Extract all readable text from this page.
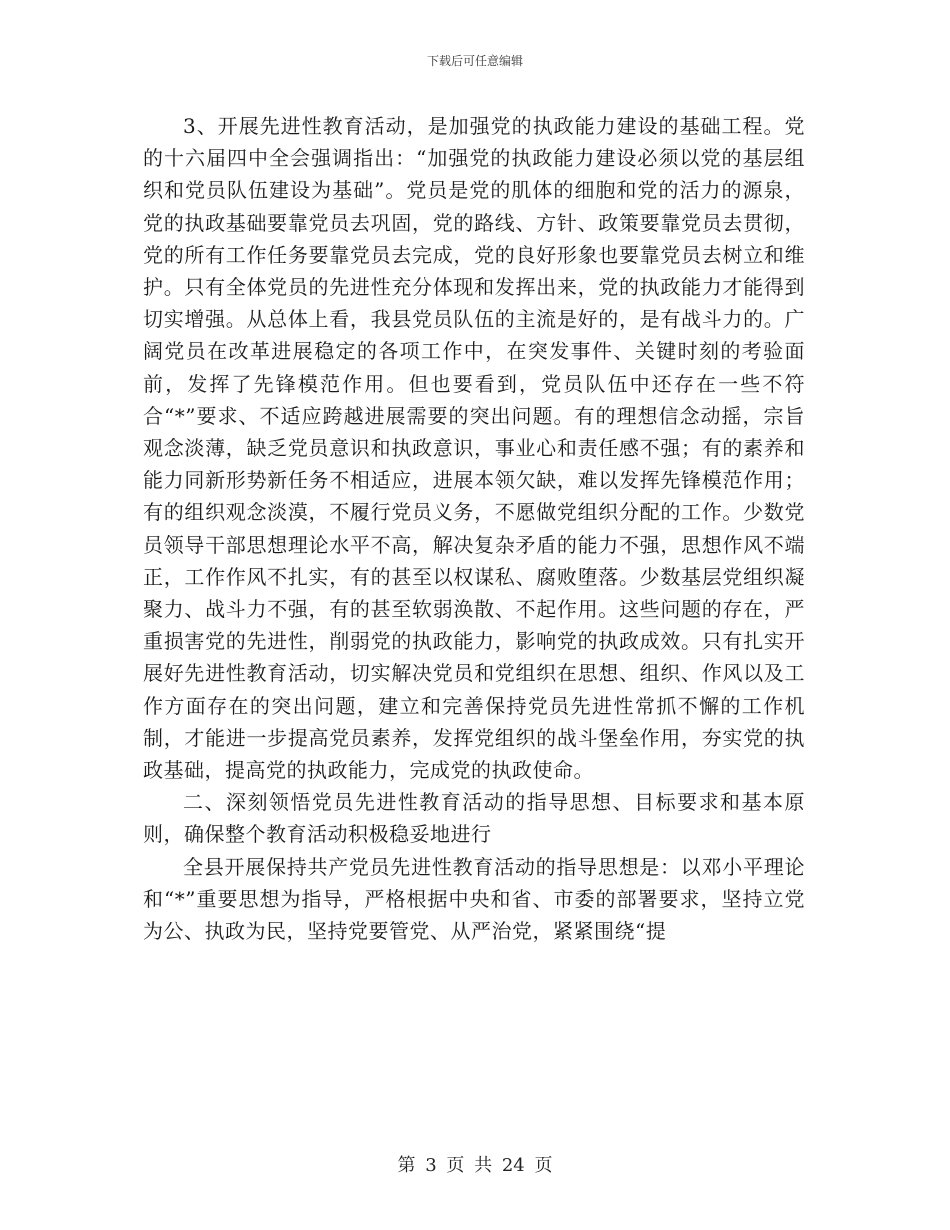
下载后可任意编辑

3、开展先进性教育活动，是加强党的执政能力建设的基础工程。党的十六届四中全会强调指出：“加强党的执政能力建设必须以党的基层组织和党员队伍建设为基础”。党员是党的肌体的细胞和党的活力的源泉，党的执政基础要靠党员去巩固，党的路线、方针、政策要靠党员去贯彻，党的所有工作任务要靠党员去完成，党的良好形象也要靠党员去树立和维护。只有全体党员的先进性充分体现和发挥出来，党的执政能力才能得到切实增强。从总体上看，我县党员队伍的主流是好的，是有战斗力的。广阔党员在改革进展稳定的各项工作中，在突发事件、关键时刻的考验面前，发挥了先锋模范作用。但也要看到，党员队伍中还存在一些不符合“*”要求、不适应跨越进展需要的突出问题。有的理想信念动摇，宗旨观念淡薄，缺乏党员意识和执政意识，事业心和责任感不强；有的素养和能力同新形势新任务不相适应，进展本领欠缺，难以发挥先锋模范作用；有的组织观念淡漠，不履行党员义务，不愿做党组织分配的工作。少数党员领导干部思想理论水平不高，解决复杂矛盾的能力不强，思想作风不端正，工作作风不扎实，有的甚至以权谋私、腐败堕落。少数基层党组织凝聚力、战斗力不强，有的甚至软弱涣散、不起作用。这些问题的存在，严重损害党的先进性，削弱党的执政能力，影响党的执政成效。只有扎实开展好先进性教育活动，切实解决党员和党组织在思想、组织、作风以及工作方面存在的突出问题，建立和完善保持党员先进性常抓不懈的工作机制，才能进一步提高党员素养，发挥党组织的战斗堡垒作用，夯实党的执政基础，提高党的执政能力，完成党的执政使命。

二、深刻领悟党员先进性教育活动的指导思想、目标要求和基本原则，确保整个教育活动积极稳妥地进行

全县开展保持共产党员先进性教育活动的指导思想是：以邓小平理论和“*”重要思想为指导，严格根据中央和省、市委的部署要求，坚持立党为公、执政为民，坚持党要管党、从严治党，紧紧围绕“提

第 3 页 共 24 页
